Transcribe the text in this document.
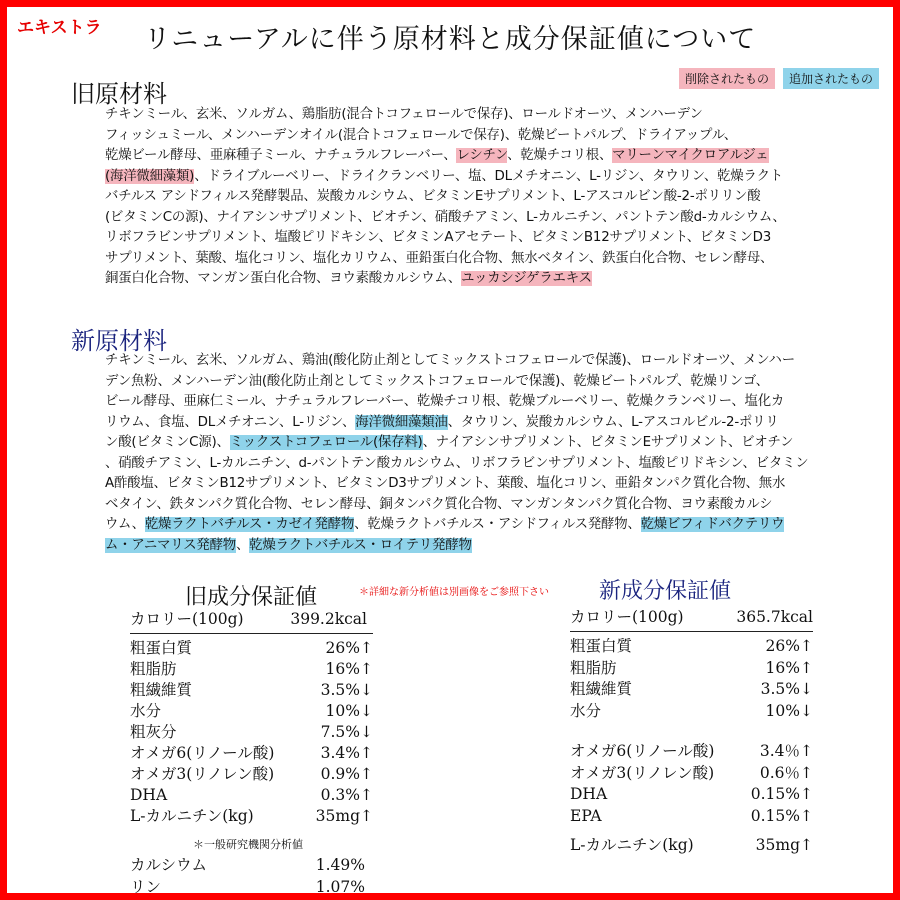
エキストラ	リニューアルに伴う原材料と成分保証値について
削除されたもの	追加されたもの
旧原材料

チキンミール、玄米、ソルガム、鶏脂肪(混合トコフェロールで保存)、ロールドオーツ、メンハーデン

フィッシュミール、メンハーデンオイル(混合トコフェロールで保存)、乾燥ビートパルプ、ドライアップル、

乾燥ビール酵母、亜麻種子ミール、ナチュラルフレーバー、レシチン、乾燥チコリ根、マリーンマイクロアルジェ

(海洋微細藻類)、ドライブルーベリー、ドライクランベリー、塩、DLメチオニン、L-リジン、タウリン、乾燥ラクト

バチルス アシドフィルス発酵製品、炭酸カルシウム、ビタミンEサプリメント、L-アスコルビン酸-2-ポリリン酸

(ビタミンCの源)、ナイアシンサプリメント、ビオチン、硝酸チアミン、L-カルニチン、パントテン酸d-カルシウム、

リボフラビンサプリメント、塩酸ピリドキシン、ビタミンAアセテート、ビタミンB12サプリメント、ビタミンD3

サプリメント、葉酸、塩化コリン、塩化カリウム、亜鉛蛋白化合物、無水ベタイン、鉄蛋白化合物、セレン酵母、

銅蛋白化合物、マンガン蛋白化合物、ヨウ素酸カルシウム、ユッカシジゲラエキス

新原材料

チキンミール、玄米、ソルガム、鶏油(酸化防止剤としてミックストコフェロールで保護)、ロールドオーツ、メンハー

デン魚粉、メンハーデン油(酸化防止剤としてミックストコフェロールで保護)、乾燥ビートパルプ、乾燥リンゴ、

ビール酵母、亜麻仁ミール、ナチュラルフレーバー、乾燥チコリ根、乾燥ブルーベリー、乾燥クランベリー、塩化カ

リウム、食塩、DLメチオニン、L-リジン、海洋微細藻類油、タウリン、炭酸カルシウム、L-アスコルビル-2-ポリリ

ン酸(ビタミンC源)、ミックストコフェロール(保存料)、ナイアシンサプリメント、ビタミンEサプリメント、ビオチン

、硝酸チアミン、L-カルニチン、d-パントテン酸カルシウム、リボフラビンサプリメント、塩酸ピリドキシン、ビタミン

A酢酸塩、ビタミンB12サプリメント、ビタミンD3サプリメント、葉酸、塩化コリン、亜鉛タンパク質化合物、無水

ベタイン、鉄タンパク質化合物、セレン酵母、銅タンパク質化合物、マンガンタンパク質化合物、ヨウ素酸カルシ

ウム、乾燥ラクトバチルス・カゼイ発酵物、乾燥ラクトバチルス・アシドフィルス発酵物、乾燥ビフィドバクテリウ

ム・アニマリス発酵物、乾燥ラクトバチルス・ロイテリ発酵物

旧成分保証値	＊詳細な新分析値は別画像をご参照下さい 新成分保証値
カロリー(100g)	399.2kcal
粗蛋白質	26%↑
粗脂肪	16%↑
粗繊維質	3.5%↓
水分	10%↓
粗灰分	7.5%↓
オメガ6(リノール酸)	3.4%↑
オメガ3(リノレン酸)	0.9%↑
DHA	0.3%↑
L-カルニチン(kg)	35mg↑
＊一般研究機関分析値
カルシウム	1.49%
リン	1.07%
カロリー(100g)	365.7kcal
粗蛋白質	26%↑
粗脂肪	16%↑
粗繊維質	3.5%↓
水分	10%↓
オメガ6(リノール酸)	3.4％↑
オメガ3(リノレン酸)	0.6％↑
DHA	0.15%↑
EPA	0.15%↑
L-カルニチン(kg)	35mg↑
